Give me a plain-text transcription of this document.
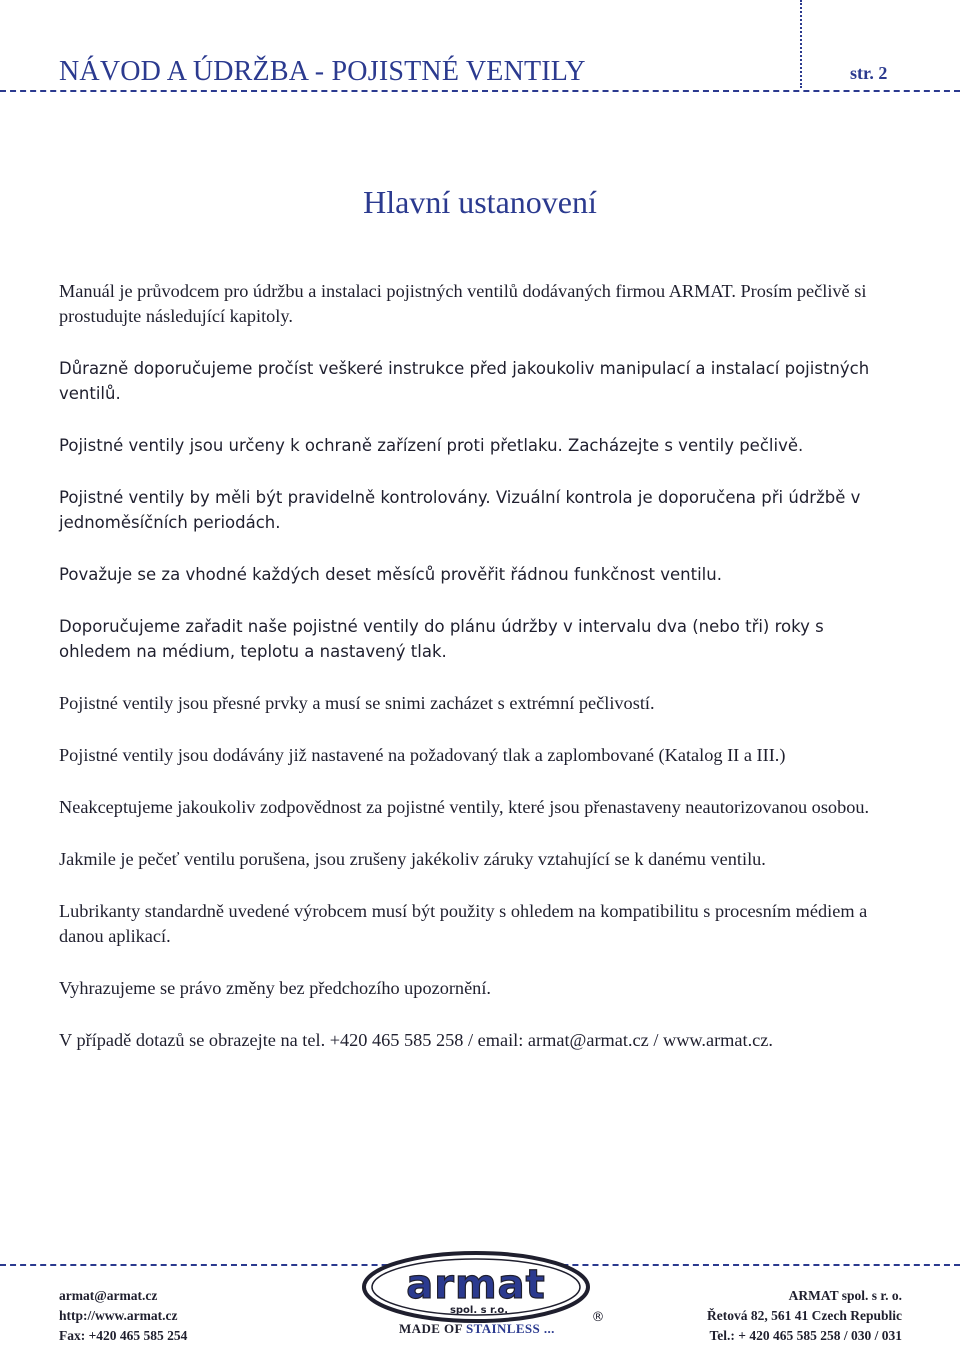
NÁVOD A ÚDRŽBA - POJISTNÉ VENTILY	str. 2
Hlavní ustanovení

Manuál je průvodcem pro údržbu a instalaci pojistných ventilů dodávaných firmou ARMAT. Prosím pečlivě si prostudujte následující kapitoly.

Důrazně doporučujeme pročíst veškeré instrukce před jakoukoliv manipulací a instalací pojistných ventilů.

Pojistné ventily jsou určeny k ochraně zařízení proti přetlaku. Zacházejte s ventily pečlivě.

Pojistné ventily by měli být pravidelně kontrolovány. Vizuální kontrola je doporučena při údržbě v jednoměsíčních periodách.

Považuje se za vhodné každých deset měsíců prověřit řádnou funkčnost ventilu.

Doporučujeme zařadit naše pojistné ventily do plánu údržby v intervalu dva (nebo tři) roky s ohledem na médium, teplotu a nastavený tlak.

Pojistné ventily jsou přesné prvky a musí se snimi zacházet s extrémní pečlivostí.

Pojistné ventily jsou dodávány již nastavené na požadovaný tlak a zaplombované (Katalog II a III.)

Neakceptujeme jakoukoliv zodpovědnost za pojistné ventily, které jsou přenastaveny neautorizovanou osobou.

Jakmile je pečeť ventilu porušena, jsou zrušeny jakékoliv záruky vztahující se k danému ventilu.

Lubrikanty standardně uvedené výrobcem musí být použity s ohledem na kompatibilitu s procesním médiem a danou aplikací.

Vyhrazujeme se právo změny bez předchozího upozornění.

V případě dotazů se obrazejte na tel. +420 465 585 258 / email: armat@armat.cz / www.armat.cz.

armat@armat.cz
http://www.armat.cz
Fax: +420 465 585 254
armat
spol. s r.o.	®
MADE OF STAINLESS ...
ARMAT spol. s r. o.
Řetová 82, 561 41 Czech Republic
Tel.: + 420 465 585 258 / 030 / 031
